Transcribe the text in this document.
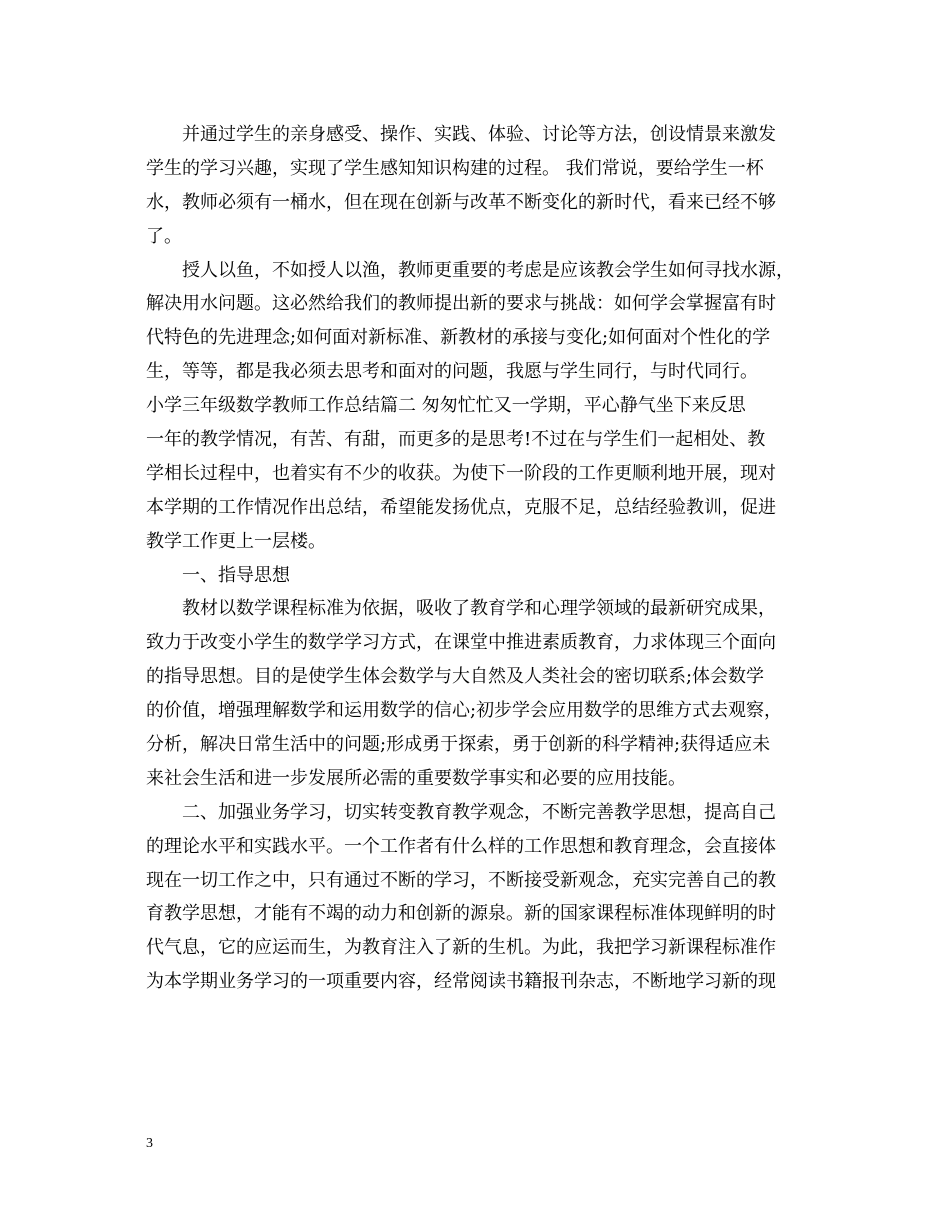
并通过学生的亲身感受、操作、实践、体验、讨论等方法，创设情景来激发
学生的学习兴趣，实现了学生感知知识构建的过程。 我们常说，要给学生一杯
水，教师必须有一桶水，但在现在创新与改革不断变化的新时代，看来已经不够
了。
授人以鱼，不如授人以渔，教师更重要的考虑是应该教会学生如何寻找水源，
解决用水问题。这必然给我们的教师提出新的要求与挑战：如何学会掌握富有时
代特色的先进理念;如何面对新标准、新教材的承接与变化;如何面对个性化的学
生，等等，都是我必须去思考和面对的问题，我愿与学生同行，与时代同行。
小学三年级数学教师工作总结篇二 匆匆忙忙又一学期，平心静气坐下来反思
一年的教学情况，有苦、有甜，而更多的是思考!不过在与学生们一起相处、教
学相长过程中，也着实有不少的收获。为使下一阶段的工作更顺利地开展，现对
本学期的工作情况作出总结，希望能发扬优点，克服不足，总结经验教训，促进
教学工作更上一层楼。
一、指导思想
教材以数学课程标准为依据，吸收了教育学和心理学领域的最新研究成果，
致力于改变小学生的数学学习方式，在课堂中推进素质教育，力求体现三个面向
的指导思想。目的是使学生体会数学与大自然及人类社会的密切联系;体会数学
的价值，增强理解数学和运用数学的信心;初步学会应用数学的思维方式去观察，
分析，解决日常生活中的问题;形成勇于探索，勇于创新的科学精神;获得适应未
来社会生活和进一步发展所必需的重要数学事实和必要的应用技能。
二、加强业务学习，切实转变教育教学观念，不断完善教学思想，提高自己
的理论水平和实践水平。一个工作者有什么样的工作思想和教育理念，会直接体
现在一切工作之中，只有通过不断的学习，不断接受新观念，充实完善自己的教
育教学思想，才能有不竭的动力和创新的源泉。新的国家课程标准体现鲜明的时
代气息，它的应运而生，为教育注入了新的生机。为此，我把学习新课程标准作
为本学期业务学习的一项重要内容，经常阅读书籍报刊杂志，不断地学习新的现
3
